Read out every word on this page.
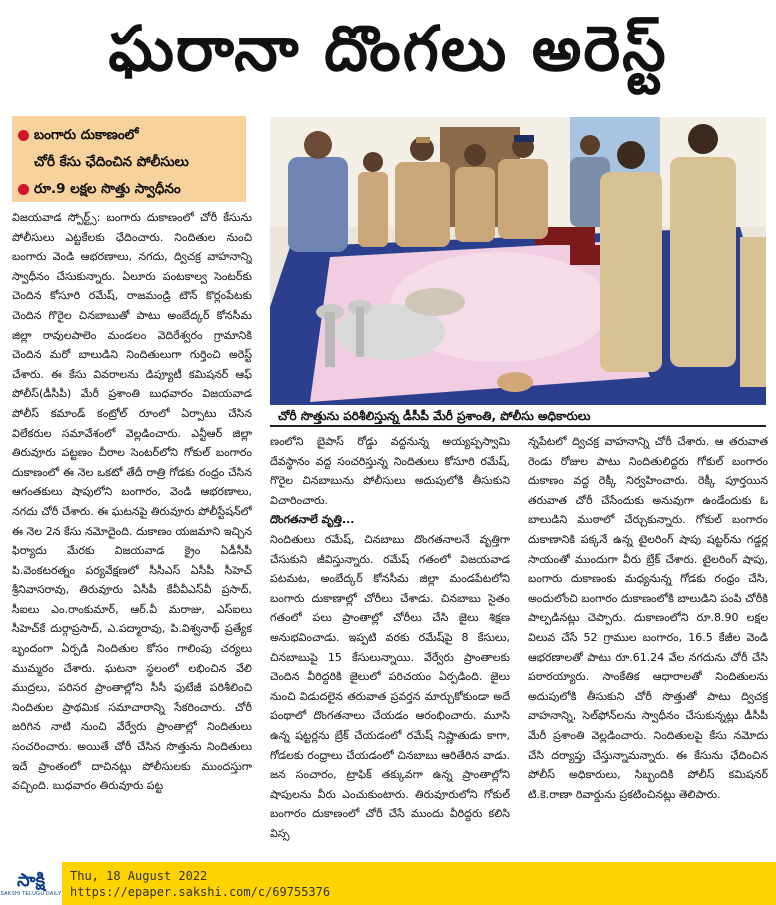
ఘరానా దొంగలు అరెస్ట్
బంగారు దుకాణంలో
చోరీ కేసు ఛేదించిన పోలీసులు
రూ.9 లక్షల సొత్తు స్వాధీనం
చోరీ సొత్తును పరిశీలిస్తున్న డీసీపీ మేరీ ప్రశాంతి, పోలీసు అధికారులు
విజయవాడ స్పోర్ట్స్: బంగారు దుకాణంలో చోరీ కేసును పోలీసులు ఎట్టకేలకు ఛేదించారు. నిందితుల నుంచి బంగారు వెండి ఆభరణాలు, నగదు, ద్విచక్ర వాహనాన్ని స్వాధీనం చేసుకున్నారు. ఏలూరు పంటకాల్వ సెంటర్‌కు చెందిన కోసూరి రమేష్, రాజమండ్రి టౌన్ కొర్లంపేటకు చెందిన గొరైల చినబాబుతో పాటు అంబేద్కర్ కోనసీమ జిల్లా రావులపాలెం మండలం వెదిరేశ్వరం గ్రామానికి చెందిన మరో బాలుడిని నిందితులుగా గుర్తించి అరెస్ట్ చేశారు. ఈ కేసు వివరాలను డిప్యూటీ కమిషనర్ ఆఫ్ పోలీస్(డీసీపీ) మేరీ ప్రశాంతి బుధవారం విజయవాడ పోలీస్ కమాండ్ కంట్రోల్ రూంలో ఏర్పాటు చేసిన విలేకరుల సమావేశంలో వెల్లడించారు. ఎన్టీఆర్ జిల్లా తిరువూరు పట్టణం చీరాల సెంటర్‌లోని గోకుల్ బంగారం దుకాణంలో ఈ నెల ఒకటో తేదీ రాత్రి గోడకు రంధ్రం చేసిన ఆగంతకులు షాపులోని బంగారం, వెండి ఆభరణాలు, నగదు చోరీ చేశారు. ఈ ఘటనపై తిరువూరు పోలీస్టేషన్‌లో ఈ నెల 2న కేసు నమోదైంది. దుకాణం యజమాని ఇచ్చిన ఫిర్యాదు మేరకు విజయవాడ క్రైం ఏడీసీపీ పి.వెంకటరత్నం పర్యవేక్షణలో సీసీఎస్ ఏసీపీ సీహెచ్ శ్రీనివాసరావు, తిరువూరు ఏసీపీ కేవీవీఎస్‌వీ ప్రసాద్, సీఐలు ఎం.రాంకుమార్, ఆర్.వీ మరాజు, ఎస్ఐలు సీహెచ్‌కే దుర్గాప్రసాద్, ఎ.పద్మారావు, పి.విశ్వనాథ్ ప్రత్యేక బృందంగా ఏర్పడి నిందితుల కోసం గాలింపు చర్యలు ముమ్మరం చేశారు. ఘటనా స్థలంలో లభించిన వేలి ముద్రలు, పరిసర ప్రాంతాల్లోని సీసీ ఫుటేజీ పరిశీలించి నిందితుల ప్రాథమిక సమాచారాన్ని సేకరించారు. చోరీ జరిగిన నాటి నుంచి వేర్వేరు ప్రాంతాల్లో నిందితులు సంచరించారు. అయితే చోరీ చేసిన సొత్తును నిందితులు ఇదే ప్రాంతంలో దాచినట్లు పోలీసులకు ముందస్తుగా వచ్చింది. బుధవారం తిరువూరు పట్ట
ణంలోని బైపాస్ రోడ్డు వద్దనున్న అయ్యప్పస్వామి దేవస్థానం వద్ద సంచరిస్తున్న నిందితులు కోసూరి రమేష్, గొరైల చినబాబును పోలీసులు అదుపులోకి తీసుకుని విచారించారు.
దొంగతనాలే వృత్తి...
నిందితులు రమేష్, చినబాబు దొంగతనాలనే వృత్తిగా చేసుకుని జీవిస్తున్నారు. రమేష్ గతంలో విజయవాడ పటమట, అంబేద్కర్ కోనసీమ జిల్లా మండపేటలోని బంగారు దుకాణాల్లో చోరీలు చేశాడు. చినబాబు సైతం గతంలో పలు ప్రాంతాల్లో చోరీలు చేసి జైలు శిక్షణ అనుభవించాడు. ఇప్పటి వరకు రమేష్‌పై 8 కేసులు, చినబాబుపై 15 కేసులున్నాయి. వేర్వేరు ప్రాంతాలకు చెందిన వీరిద్దరికి జైలులో పరిచయం ఏర్పడింది. జైలు నుంచి విడుదలైన తరువాత ప్రవర్తన మార్చుకోకుండా అదే పంథాలో దొంగతనాలు చేయడం ఆరంభించారు. మూసి ఉన్న షట్టర్లను బ్రేక్ చేయడంలో రమేష్ నిష్ణాతుడు కాగా, గోడలకు రంధ్రాలు చేయడంలో చినబాబు ఆరితేరిన వాడు. జన సంచారం, ట్రాఫిక్ తక్కువగా ఉన్న ప్రాంతాల్లోని షాపులను వీరు ఎంచుకుంటారు. తిరువూరులోని గోకుల్ బంగారం దుకాణంలో చోరీ చేసే ముందు వీరిద్దరు కలిసి విస్స
న్నపేటలో ద్విచక్ర వాహనాన్ని చోరీ చేశారు. ఆ తరువాత రెండు రోజుల పాటు నిందితులిద్దరు గోకుల్ బంగారం దుకాణం వద్ద రెక్కీ నిర్వహించారు. రెక్కీ పూర్తయిన తరువాత చోరీ చేసేందుకు అనువుగా ఉండేందుకు ఓ బాలుడిని ముఠాలో చేర్చుకున్నారు. గోకుల్ బంగారం దుకాణానికి పక్కనే ఉన్న టైలరింగ్ షాపు షట్టర్‌ను గడ్డర్ల సాయంతో ముందుగా వీరు బ్రేక్ చేశారు. టైలరింగ్ షాపు, బంగారు దుకాణంకు మధ్యనున్న గోడకు రంధ్రం చేసి, అందులోంచి బంగారం దుకాణంలోకి బాలుడిని పంపి చోరీకి పాల్పడినట్లు చెప్పారు. దుకాణంలోని రూ.8.90 లక్షల విలువ చేసే 52 గ్రాముల బంగారం, 16.5 కేజీల వెండి ఆభరణాలతో పాటు రూ.61.24 వేల నగదును చోరీ చేసి పరారయ్యారు. సాంకేతిక ఆధారాలతో నిందితులను అదుపులోకి తీసుకుని చోరీ సొత్తుతో పాటు ద్విచక్ర వాహనాన్ని, సెల్‌ఫోన్‌లను స్వాధీనం చేసుకున్నట్లు డీసీపీ మేరీ ప్రశాంతి వెల్లడించారు. నిందితులపై కేసు నమోదు చేసి దర్యాప్తు చేస్తున్నామన్నారు. ఈ కేసును ఛేదించిన పోలీస్ అధికారులు, సిబ్బందికి పోలీస్ కమిషనర్ టి.కె.రాణా రివార్డును ప్రకటించినట్లు తెలిపారు.
సాక్షి
SAKSHI TELUGU DAILY
Thu, 18 August 2022
https://epaper.sakshi.com/c/69755376
